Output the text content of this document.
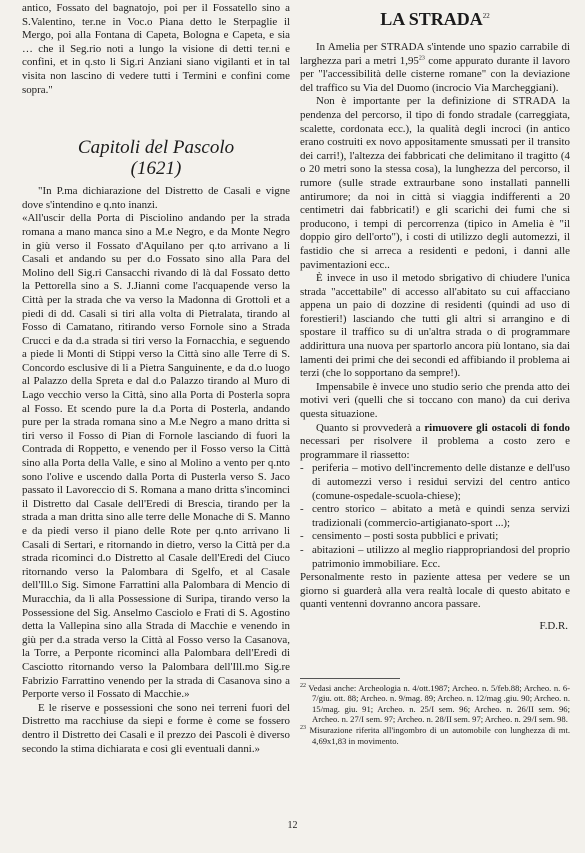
antico, Fossato del bagnatojo, poi per il Fossatello sino a S.Valentino, ter.ne in Voc.o Piana detto le Sterpaglie il Mergo, poi alla Fontana di Capeta, Bologna e Capeta, e sia … che il Seg.rio noti a lungo la visione di detti ter.ni e confini, et in q.sto li Sig.ri Anziani siano vigilanti et in tal visita non lascino di vedere tutti i Termini e confini come sopra."

Capitoli del Pascolo

(1621)

"In P.ma dichiarazione del Distretto de Casali e vigne dove s'intendino e q.nto inanzi.

«All'uscir della Porta di Pisciolino andando per la strada romana a mano manca sino a M.e Negro, e da Monte Negro in giù verso il Fossato d'Aquilano per q.to arrivano a li Casali et andando su per d.o Fossato sino alla Para del Molino dell Sig.ri Cansacchi rivando di là dal Fossato detto la Pettorella sino a S. J.Jianni come l'acquapende verso la Città per la strada che va verso la Madonna di Grottoli et a piedi di dd. Casali si tiri alla volta di Pietralata, tirando al Fosso di Camatano, ritirando verso Fornole sino a Strada Crucci e da d.a strada si tiri verso la Fornacchia, e seguendo a piede li Monti di Stippi verso la Città sino alle Terre di S. Concordo esclusive di li a Pietra Sanguinente, e da d.o luogo al Palazzo della Spreta e dal d.o Palazzo tirando al Muro di Lago vecchio verso la Città, sino alla Porta di Posterla sopra al Fosso. Et scendo pure la d.a Porta di Posterla, andando pure per la strada romana sino a M.e Negro a mano dritta si tiri verso il Fosso di Pian di Fornole lasciando di fuori la Contrada di Roppetto, e venendo per il Fosso verso la Città sino alla Porta della Valle, e sino al Molino a vento per q.nto sono l'olive e uscendo dalla Porta di Pusterla verso S. Jaco passato il Lavoreccio di S. Romana a mano dritta s'incominci il Distretto dal Casale dell'Eredi di Brescia, tirando per la strada a man dritta sino alle terre delle Monache di S. Manno e da piedi verso il piano delle Rote per q.nto arrivano li Casali di Sertari, e ritornando in dietro, verso la Città per d.a strada ricominci d.o Distretto al Casale dell'Eredi del Ciuco ritornando verso la Palombara di Sgelfo, et al Casale dell'Ill.o Sig. Simone Farrattini alla Palombara di Mencio di Muracchia, da lì alla Possessione di Suripa, tirando verso la Possessione del Sig. Anselmo Casciolo e Frati di S. Agostino detta la Vallepina sino alla Strada di Macchie e venendo in giù per d.a strada verso la Città al Fosso verso la Casanova, la Torre, a Perponte ricominci alla Palombara dell'Eredi di Casciotto ritornando verso la Palombara dell'Ill.mo Sig.re Fabrizio Farrattino venendo per la strada di Casanova sino a Perporte verso il Fossato di Macchie.»

E le riserve e possessioni che sono nei terreni fuori del Distretto ma racchiuse da siepi e forme è come se fossero dentro il Distretto dei Casali e il prezzo dei Pascoli è diverso secondo la stima dichiarata e così gli eventuali danni.»

LA STRADA$^{22}$

In Amelia per STRADA s'intende uno spazio carrabile di larghezza pari a metri 1,95$^{23}$ come appurato durante il lavoro per "l'accessibilità delle cisterne romane" con la deviazione del traffico su Via del Duomo (incrocio Via Marcheggiani).

Non è importante per la definizione di STRADA la pendenza del percorso, il tipo di fondo stradale (carreggiata, scalette, cordonata ecc.), la qualità degli incroci (in antico erano costruiti ex novo appositamente smussati per il transito dei carri!), l'altezza dei fabbricati che delimitano il tragitto (4 o 20 metri sono la stessa cosa), la lunghezza del percorso, il rumore (sulle strade extraurbane sono installati pannelli antirumore; da noi in città si viaggia indifferenti a 20 centimetri dai fabbricati!) e gli scarichi dei fumi che si producono, i tempi di percorrenza (tipico in Amelia è "il doppio giro dell'orto"), i costi di utilizzo degli automezzi, il fastidio che si arreca a residenti e pedoni, i danni alle pavimentazioni ecc..

È invece in uso il metodo sbrigativo di chiudere l'unica strada "accettabile" di accesso all'abitato su cui affacciano appena un paio di dozzine di residenti (quindi ad uso di forestieri!) lasciando che tutti gli altri si arrangino e di spostare il traffico su di un'altra strada o di programmare addirittura una nuova per spartorlo ancora più lontano, sia dai lamenti dei primi che dei secondi ed affibiando il problema ai terzi (che lo sopportano da sempre!).

Impensabile è invece uno studio serio che prenda atto dei motivi veri (quelli che si toccano con mano) da cui deriva questa situazione.

Quanto si provvederà a rimuovere gli ostacoli di fondo necessari per risolvere il problema a costo zero e programmare il riassetto:

- periferia – motivo dell'incremento delle distanze e dell'uso di automezzi verso i residui servizi del centro antico (comune-ospedale-scuola-chiese);
- centro storico – abitato a metà e quindi senza servizi tradizionali (commercio-artigianato-sport ...);
- censimento – posti sosta pubblici e privati;
- abitazioni – utilizzo al meglio riappropriandosi del proprio patrimonio immobiliare. Ecc.

Personalmente resto in paziente attesa per vedere se un giorno si guarderà alla vera realtà locale di questo abitato e quanti ventenni dovranno ancora passare.

F.D.R.

$^{22}$ Vedasi anche: Archeologia n. 4/ott.1987; Archeo. n. 5/feb.88; Archeo. n. 6-7/giu. ott. 88; Archeo. n. 9/mag. 89; Archeo. n. 12/mag .giu. 90; Archeo. n. 15/mag. giu. 91; Archeo. n. 25/I sem. 96; Archeo. n. 26/II sem. 96; Archeo. n. 27/I sem. 97; Archeo. n. 28/II sem. 97; Archeo. n. 29/I sem. 98.

$^{23}$ Misurazione riferita all'ingombro di un automobile con lunghezza di mt. 4,69x1,83 in movimento.

12
